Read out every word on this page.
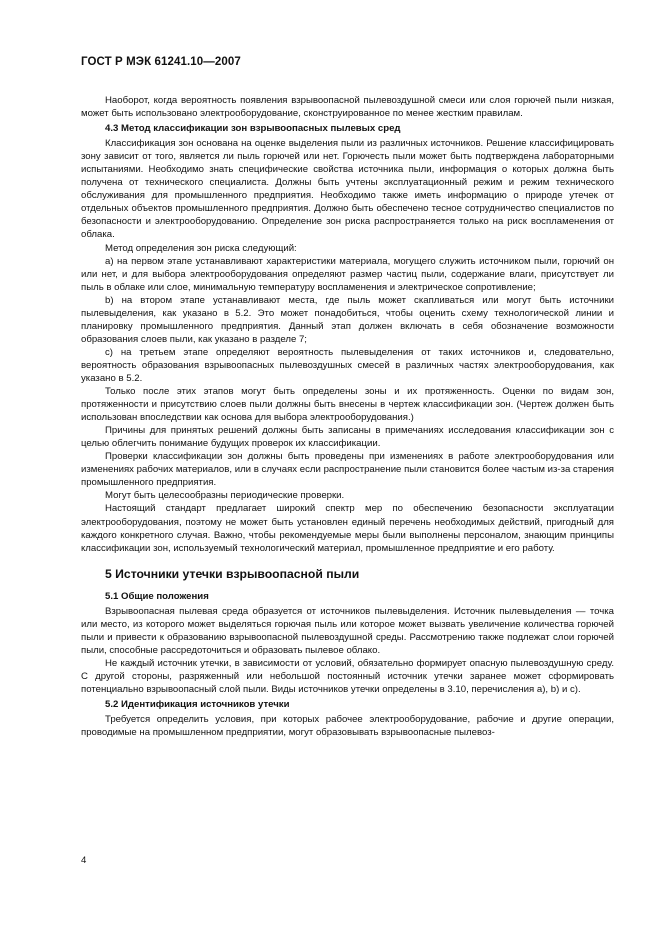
ГОСТ Р МЭК 61241.10—2007

Наоборот, когда вероятность появления взрывоопасной пылевоздушной смеси или слоя горючей пыли низкая, может быть использовано электрооборудование, сконструированное по менее жестким правилам.

4.3 Метод классификации зон взрывоопасных пылевых сред

Классификация зон основана на оценке выделения пыли из различных источников. Решение классифицировать зону зависит от того, является ли пыль горючей или нет. Горючесть пыли может быть подтверждена лабораторными испытаниями. Необходимо знать специфические свойства источника пыли, информация о которых должна быть получена от технического специалиста. Должны быть учтены эксплуатационный режим и режим технического обслуживания для промышленного предприятия. Необходимо также иметь информацию о природе утечек от отдельных объектов промышленного предприятия. Должно быть обеспечено тесное сотрудничество специалистов по безопасности и электрооборудованию. Определение зон риска распространяется только на риск воспламенения от облака.

Метод определения зон риска следующий:

a) на первом этапе устанавливают характеристики материала, могущего служить источником пыли, горючий он или нет, и для выбора электрооборудования определяют размер частиц пыли, содержание влаги, присутствует ли пыль в облаке или слое, минимальную температуру воспламенения и электрическое сопротивление;

b) на втором этапе устанавливают места, где пыль может скапливаться или могут быть источники пылевыделения, как указано в 5.2. Это может понадобиться, чтобы оценить схему технологической линии и планировку промышленного предприятия. Данный этап должен включать в себя обозначение возможности образования слоев пыли, как указано в разделе 7;

c) на третьем этапе определяют вероятность пылевыделения от таких источников и, следовательно, вероятность образования взрывоопасных пылевоздушных смесей в различных частях электрооборудования, как указано в 5.2.

Только после этих этапов могут быть определены зоны и их протяженность. Оценки по видам зон, протяженности и присутствию слоев пыли должны быть внесены в чертеж классификации зон. (Чертеж должен быть использован впоследствии как основа для выбора электрооборудования.)

Причины для принятых решений должны быть записаны в примечаниях исследования классификации зон с целью облегчить понимание будущих проверок их классификации.

Проверки классификации зон должны быть проведены при изменениях в работе электрооборудования или изменениях рабочих материалов, или в случаях если распространение пыли становится более частым из-за старения промышленного предприятия.

Могут быть целесообразны периодические проверки.

Настоящий стандарт предлагает широкий спектр мер по обеспечению безопасности эксплуатации электрооборудования, поэтому не может быть установлен единый перечень необходимых действий, пригодный для каждого конкретного случая. Важно, чтобы рекомендуемые меры были выполнены персоналом, знающим принципы классификации зон, используемый технологический материал, промышленное предприятие и его работу.

5 Источники утечки взрывоопасной пыли
5.1 Общие положения

Взрывоопасная пылевая среда образуется от источников пылевыделения. Источник пылевыделения — точка или место, из которого может выделяться горючая пыль или которое может вызвать увеличение количества горючей пыли и привести к образованию взрывоопасной пылевоздушной среды. Рассмотрению также подлежат слои горючей пыли, способные рассредоточиться и образовать пылевое облако.

Не каждый источник утечки, в зависимости от условий, обязательно формирует опасную пылевоздушную среду. С другой стороны, разряженный или небольшой постоянный источник утечки заранее может сформировать потенциально взрывоопасный слой пыли. Виды источников утечки определены в 3.10, перечисления a), b) и c).

5.2 Идентификация источников утечки

Требуется определить условия, при которых рабочее электрооборудование, рабочие и другие операции, проводимые на промышленном предприятии, могут образовывать взрывоопасные пылевоз-

4
